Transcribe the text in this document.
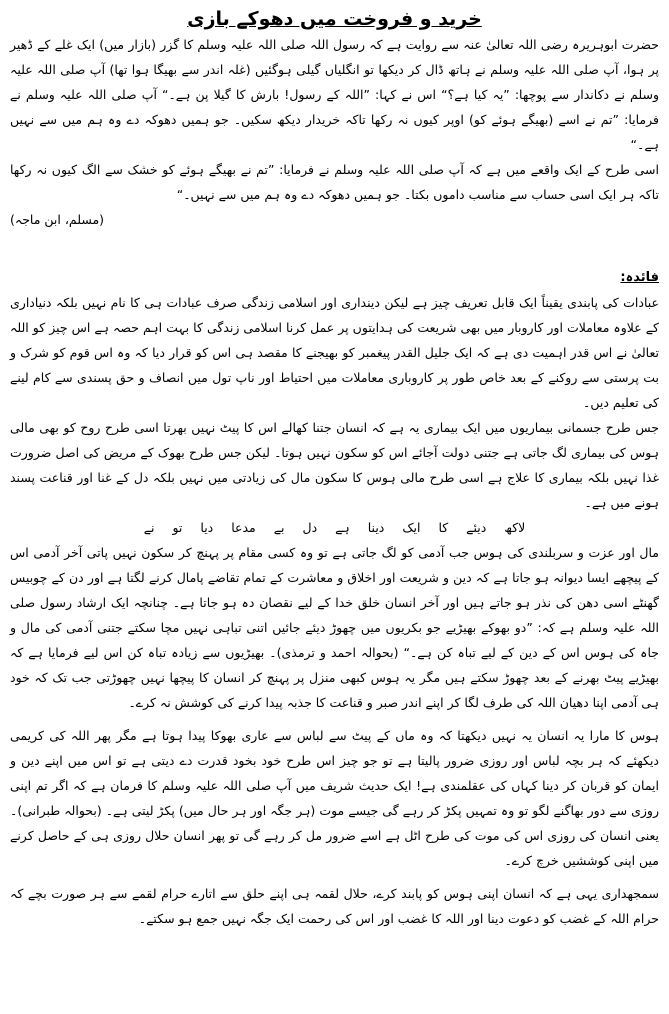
خرید و فروخت میں دھوکے بازی

حضرت ابوہریرہ رضی اللہ تعالیٰ عنہ سے روایت ہے کہ رسول اللہ صلی اللہ علیہ وسلم کا گزر (بازار میں) ایک غلے کے ڈھیر پر ہوا، آپ صلی اللہ علیہ وسلم نے ہاتھ ڈال کر دیکھا تو انگلیاں گیلی ہوگئیں (غلہ اندر سے بھیگا ہوا تھا) آپ صلی اللہ علیہ وسلم نے دکاندار سے پوچھا: ”یہ کیا ہے؟“ اس نے کہا: ”اللہ کے رسول! بارش کا گیلا پن ہے۔“ آپ صلی اللہ علیہ وسلم نے فرمایا: ”تم نے اسے (بھیگے ہوئے کو) اوپر کیوں نہ رکھا تاکہ خریدار دیکھ سکیں۔ جو ہمیں دھوکہ دے وہ ہم میں سے نہیں ہے۔“

اسی طرح کے ایک واقعے میں ہے کہ آپ صلی اللہ علیہ وسلم نے فرمایا: ”تم نے بھیگے ہوئے کو خشک سے الگ کیوں نہ رکھا تاکہ ہر ایک اسی حساب سے مناسب داموں بکتا۔ جو ہمیں دھوکہ دے وہ ہم میں سے نہیں۔“

(مسلم، ابن ماجہ)

فائدہ:

عبادات کی پابندی یقیناً ایک قابل تعریف چیز ہے لیکن دینداری اور اسلامی زندگی صرف عبادات ہی کا نام نہیں بلکہ دنیاداری کے علاوہ معاملات اور کاروبار میں بھی شریعت کی ہدایتوں پر عمل کرنا اسلامی زندگی کا بہت اہم حصہ ہے اس چیز کو اللہ تعالیٰ نے اس قدر اہمیت دی ہے کہ ایک جلیل القدر پیغمبر کو بھیجنے کا مقصد ہی اس کو قرار دیا کہ وہ اس قوم کو شرک و بت پرستی سے روکنے کے بعد خاص طور پر کاروباری معاملات میں احتیاط اور ناپ تول میں انصاف و حق پسندی سے کام لینے کی تعلیم دیں۔

جس طرح جسمانی بیماریوں میں ایک بیماری یہ ہے کہ انسان جتنا کھالے اس کا پیٹ نہیں بھرتا اسی طرح روح کو بھی مالی ہوس کی بیماری لگ جاتی ہے جتنی دولت آجائے اس کو سکون نہیں ہوتا۔ لیکن جس طرح بھوک کے مریض کی اصل ضرورت غذا نہیں بلکہ بیماری کا علاج ہے اسی طرح مالی ہوس کا سکون مال کی زیادتی میں نہیں بلکہ دل کے غنا اور قناعت پسند ہونے میں ہے۔

لاکھ دیئے کا ایک دینا ہے دل بے مدعا دیا تو نے

مال اور عزت و سربلندی کی ہوس جب آدمی کو لگ جاتی ہے تو وہ کسی مقام پر پہنچ کر سکون نہیں پاتی آخر آدمی اس کے پیچھے ایسا دیوانہ ہو جاتا ہے کہ دین و شریعت اور اخلاق و معاشرت کے تمام تقاضے پامال کرنے لگتا ہے اور دن کے چوبیس گھنٹے اسی دھن کی نذر ہو جاتے ہیں اور آخر انسان خلق خدا کے لیے نقصان دہ ہو جاتا ہے۔ چنانچہ ایک ارشاد رسول صلی اللہ علیہ وسلم ہے کہ: ”دو بھوکے بھیڑیے جو بکریوں میں چھوڑ دیئے جائیں اتنی تباہی نہیں مچا سکتے جتنی آدمی کی مال و جاہ کی ہوس اس کے دین کے لیے تباہ کن ہے۔“ (بحوالہ احمد و ترمذی)۔ بھیڑیوں سے زیادہ تباہ کن اس لیے فرمایا ہے کہ بھیڑیے پیٹ بھرنے کے بعد چھوڑ سکتے ہیں مگر یہ ہوس کبھی منزل پر پہنچ کر انسان کا پیچھا نہیں چھوڑتی جب تک کہ خود ہی آدمی اپنا دھیان اللہ کی طرف لگا کر اپنے اندر صبر و قناعت کا جذبہ پیدا کرنے کی کوشش نہ کرے۔

ہوس کا مارا یہ انسان یہ نہیں دیکھتا کہ وہ ماں کے پیٹ سے لباس سے عاری بھوکا پیدا ہوتا ہے مگر پھر اللہ کی کریمی دیکھئے کہ ہر بچہ لباس اور روزی ضرور پالیتا ہے تو جو چیز اس طرح خود بخود قدرت دے دیتی ہے تو اس میں اپنے دین و ایمان کو قربان کر دینا کہاں کی عقلمندی ہے! ایک حدیث شریف میں آپ صلی اللہ علیہ وسلم کا فرمان ہے کہ اگر تم اپنی روزی سے دور بھاگنے لگو تو وہ تمہیں پکڑ کر رہے گی جیسے موت (ہر جگہ اور ہر حال میں) پکڑ لیتی ہے۔ (بحوالہ طبرانی)۔ یعنی انسان کی روزی اس کی موت کی طرح اٹل ہے اسے ضرور مل کر رہے گی تو پھر انسان حلال روزی ہی کے حاصل کرنے میں اپنی کوششیں خرچ کرے۔

سمجھداری یہی ہے کہ انسان اپنی ہوس کو پابند کرے، حلال لقمہ ہی اپنے حلق سے اتارے حرام لقمے سے ہر صورت بچے کہ حرام اللہ کے غضب کو دعوت دینا اور اللہ کا غضب اور اس کی رحمت ایک جگہ نہیں جمع ہو سکتے۔
